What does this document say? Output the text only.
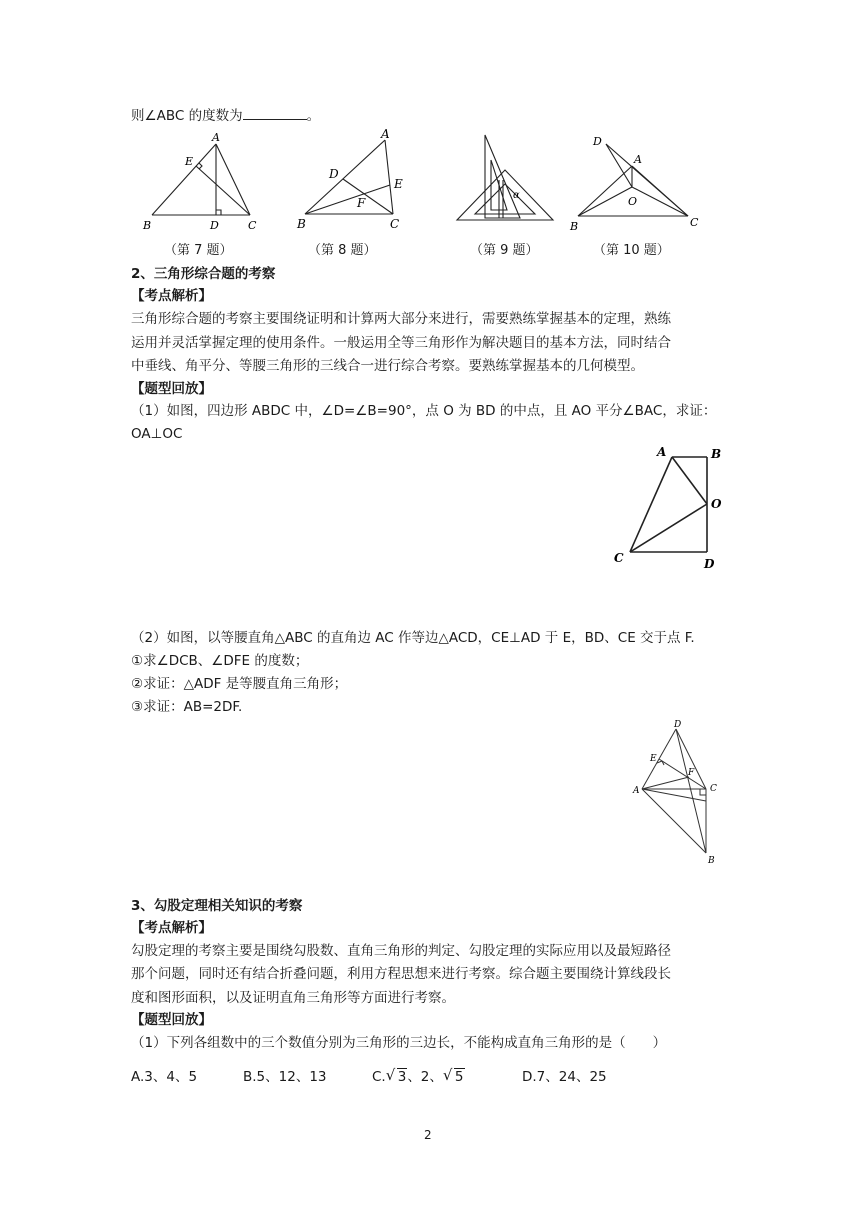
则∠ABC 的度数为	。
A
E
B	D	C
A
D
E
F
B	C
α
D
A
O
B	C
（第 7 题）	（第 8 题）	（第 9 题）	（第 10 题）
2、三角形综合题的考察
【考点解析】
三角形综合题的考察主要围绕证明和计算两大部分来进行，需要熟练掌握基本的定理，熟练
运用并灵活掌握定理的使用条件。一般运用全等三角形作为解决题目的基本方法，同时结合
中垂线、角平分、等腰三角形的三线合一进行综合考察。要熟练掌握基本的几何模型。
【题型回放】
（1）如图，四边形 ABDC 中，∠D=∠B=90°，点 O 为 BD 的中点，且 AO 平分∠BAC，求证：
OA⊥OC
A	B
O
C	D
（2）如图，以等腰直角△ABC 的直角边 AC 作等边△ACD，CE⊥AD 于 E，BD、CE 交于点 F.
①求∠DCB、∠DFE 的度数；
②求证：△ADF 是等腰直角三角形；
③求证：AB=2DF.
D
E
F
A	C
B
3、勾股定理相关知识的考察
【考点解析】
勾股定理的考察主要是围绕勾股数、直角三角形的判定、勾股定理的实际应用以及最短路径
那个问题，同时还有结合折叠问题，利用方程思想来进行考察。综合题主要围绕计算线段长
度和图形面积，以及证明直角三角形等方面进行考察。
【题型回放】
（1）下列各组数中的三个数值分别为三角形的三边长，不能构成直角三角形的是（　　）
A.3、4、5	B.5、12、13	C. √ 3、2、 √ 5	D.7、24、25
2
